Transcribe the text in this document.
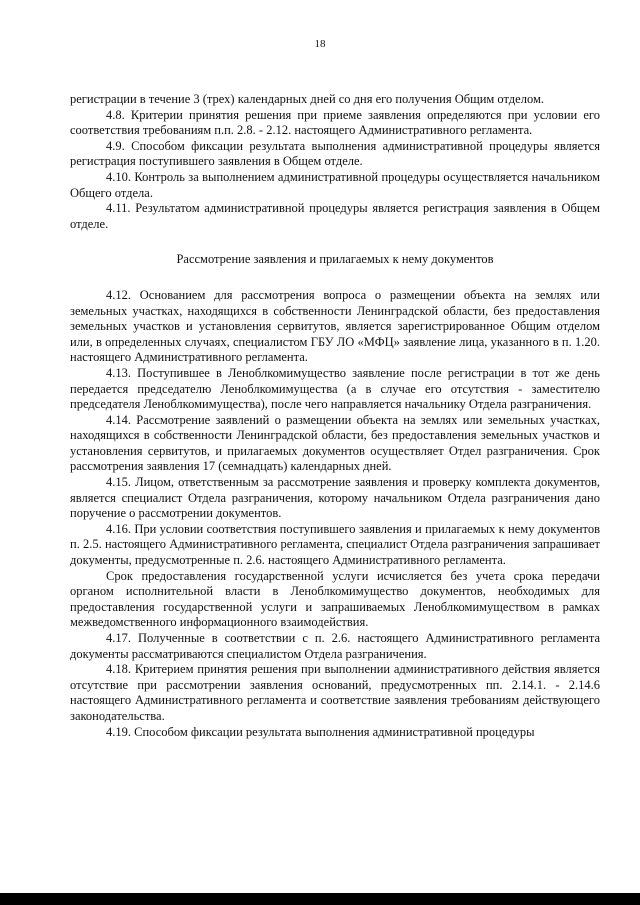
18

регистрации в течение 3 (трех) календарных дней со дня его получения Общим отделом.

4.8. Критерии принятия решения при приеме заявления определяются при условии его соответствия требованиям п.п. 2.8. - 2.12. настоящего Административного регламента.

4.9. Способом фиксации результата выполнения административной процедуры является регистрация поступившего заявления в Общем отделе.

4.10. Контроль за выполнением административной процедуры осуществляется начальником Общего отдела.

4.11. Результатом административной процедуры является регистрация заявления в Общем отделе.

Рассмотрение заявления и прилагаемых к нему документов

4.12. Основанием для рассмотрения вопроса о размещении объекта на землях или земельных участках, находящихся в собственности Ленинградской области, без предоставления земельных участков и установления сервитутов, является зарегистрированное Общим отделом или, в определенных случаях, специалистом ГБУ ЛО «МФЦ» заявление лица, указанного в п. 1.20. настоящего Административного регламента.

4.13. Поступившее в Леноблкомимущество заявление после регистрации в тот же день передается председателю Леноблкомимущества (а в случае его отсутствия - заместителю председателя Леноблкомимущества), после чего направляется начальнику Отдела разграничения.

4.14. Рассмотрение заявлений о размещении объекта на землях или земельных участках, находящихся в собственности Ленинградской области, без предоставления земельных участков и установления сервитутов, и прилагаемых документов осуществляет Отдел разграничения. Срок рассмотрения заявления 17 (семнадцать) календарных дней.

4.15. Лицом, ответственным за рассмотрение заявления и проверку комплекта документов, является специалист Отдела разграничения, которому начальником Отдела разграничения дано поручение о рассмотрении документов.

4.16. При условии соответствия поступившего заявления и прилагаемых к нему документов п. 2.5. настоящего Административного регламента, специалист Отдела разграничения запрашивает документы, предусмотренные п. 2.6. настоящего Административного регламента.

Срок предоставления государственной услуги исчисляется без учета срока передачи органом исполнительной власти в Леноблкомимущество документов, необходимых для предоставления государственной услуги и запрашиваемых Леноблкомимуществом в рамках межведомственного информационного взаимодействия.

4.17. Полученные в соответствии с п. 2.6. настоящего Административного регламента документы рассматриваются специалистом Отдела разграничения.

4.18. Критерием принятия решения при выполнении административного действия является отсутствие при рассмотрении заявления оснований, предусмотренных пп. 2.14.1. - 2.14.6 настоящего Административного регламента и соответствие заявления требованиям действующего законодательства.

4.19. Способом фиксации результата выполнения административной процедуры
